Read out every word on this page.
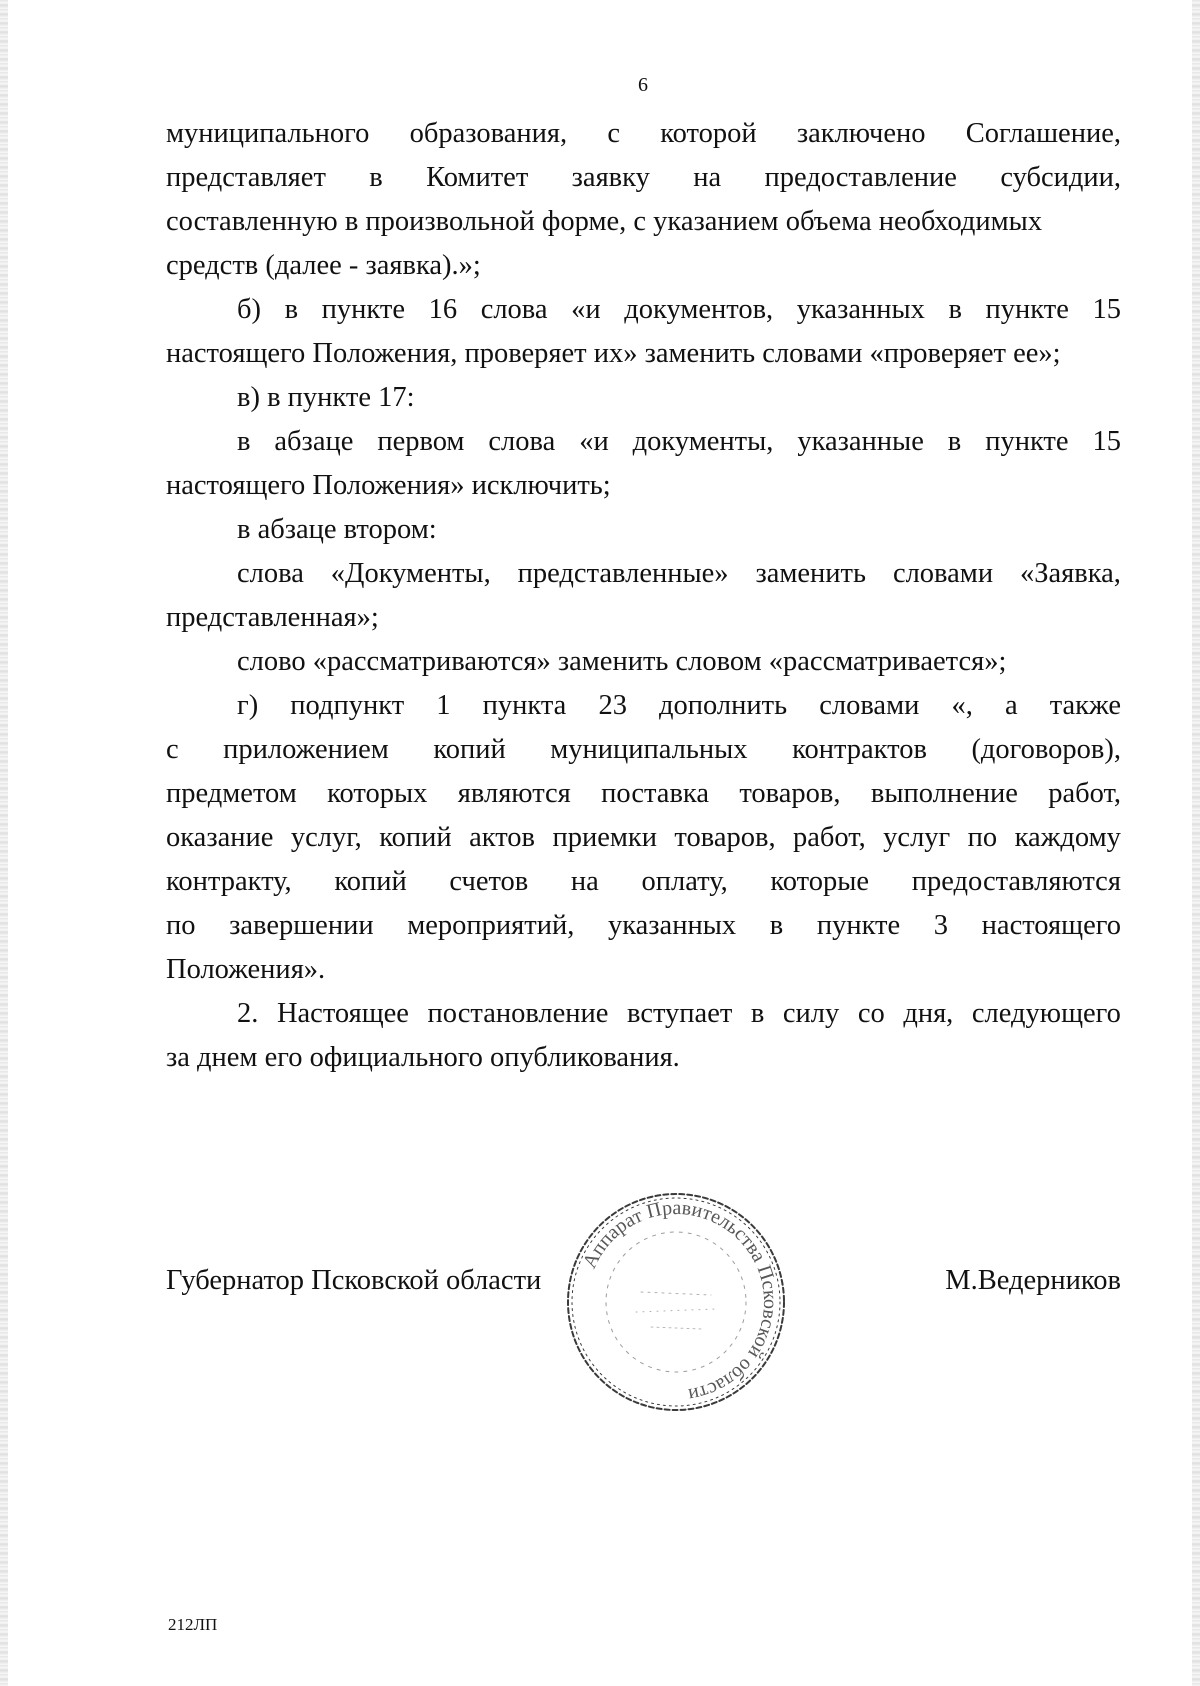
6
муниципального образования, с которой заключено Соглашение,
представляет в Комитет заявку на предоставление субсидии,
составленную в произвольной форме, с указанием объема необходимых
средств (далее - заявка).»;
б) в пункте 16 слова «и документов, указанных в пункте 15
настоящего Положения, проверяет их» заменить словами «проверяет ее»;
в) в пункте 17:
в абзаце первом слова «и документы, указанные в пункте 15
настоящего Положения» исключить;
в абзаце втором:
слова «Документы, представленные» заменить словами «Заявка,
представленная»;
слово «рассматриваются» заменить словом «рассматривается»;
г) подпункт 1 пункта 23 дополнить словами «, а также
с приложением копий муниципальных контрактов (договоров),
предметом которых являются поставка товаров, выполнение работ,
оказание услуг, копий актов приемки товаров, работ, услуг по каждому
контракту, копий счетов на оплату, которые предоставляются
по завершении мероприятий, указанных в пункте 3 настоящего
Положения».
2. Настоящее постановление вступает в силу со дня, следующего
за днем его официального опубликования.
Губернатор Псковской области	М.Ведерников
Аппарат Правительства Псковской области
212ЛП
